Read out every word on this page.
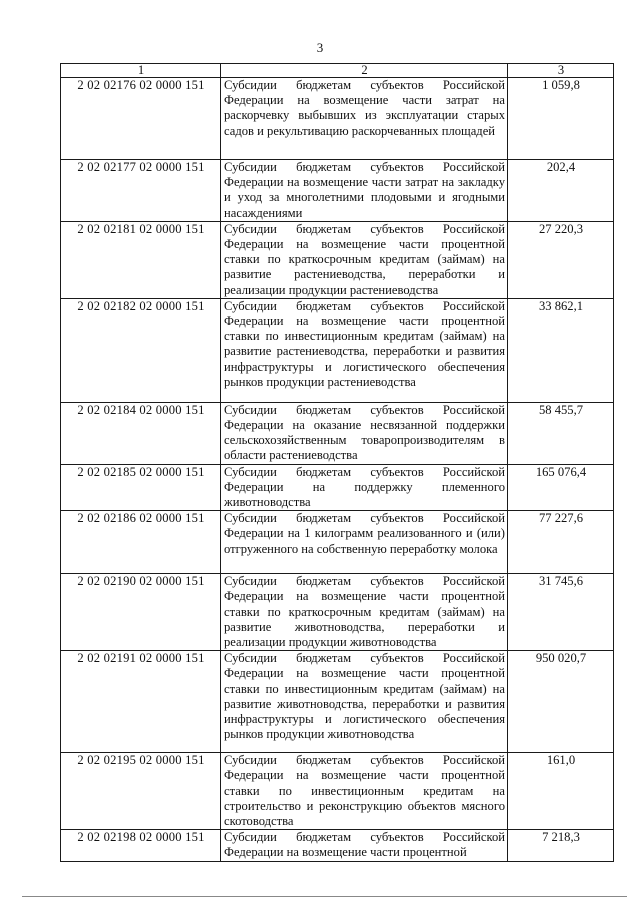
3
1	2	3
2 02 02176 02 0000 151	Субсидии бюджетам субъектов Российской Федерации на возмещение части затрат на раскорчевку выбывших из эксплуатации старых садов и рекультивацию раскорчеванных площадей	1 059,8
2 02 02177 02 0000 151	Субсидии бюджетам субъектов Российской Федерации на возмещение части затрат на закладку и уход за многолетними плодовыми и ягодными насаждениями	202,4
2 02 02181 02 0000 151	Субсидии бюджетам субъектов Российской Федерации на возмещение части процентной ставки по краткосрочным кредитам (займам) на развитие растениеводства, переработки и реализации продукции растениеводства	27 220,3
2 02 02182 02 0000 151	Субсидии бюджетам субъектов Российской Федерации на возмещение части процентной ставки по инвестиционным кредитам (займам) на развитие растениеводства, переработки и развития инфраструктуры и логистического обеспечения рынков продукции растениеводства	33 862,1
2 02 02184 02 0000 151	Субсидии бюджетам субъектов Российской Федерации на оказание несвязанной поддержки сельскохозяйственным товаропроизводителям в области растениеводства	58 455,7
2 02 02185 02 0000 151	Субсидии бюджетам субъектов Российской Федерации на поддержку племенного животноводства	165 076,4
2 02 02186 02 0000 151	Субсидии бюджетам субъектов Российской Федерации на 1 килограмм реализованного и (или) отгруженного на собственную переработку молока	77 227,6
2 02 02190 02 0000 151	Субсидии бюджетам субъектов Российской Федерации на возмещение части процентной ставки по краткосрочным кредитам (займам) на развитие животноводства, переработки и реализации продукции животноводства	31 745,6
2 02 02191 02 0000 151	Субсидии бюджетам субъектов Российской Федерации на возмещение части процентной ставки по инвестиционным кредитам (займам) на развитие животноводства, переработки и развития инфраструктуры и логистического обеспечения рынков продукции животноводства	950 020,7
2 02 02195 02 0000 151	Субсидии бюджетам субъектов Российской Федерации на возмещение части процентной ставки по инвестиционным кредитам на строительство и реконструкцию объектов мясного скотоводства	161,0
2 02 02198 02 0000 151	Субсидии бюджетам субъектов Российской Федерации на возмещение части процентной	7 218,3
